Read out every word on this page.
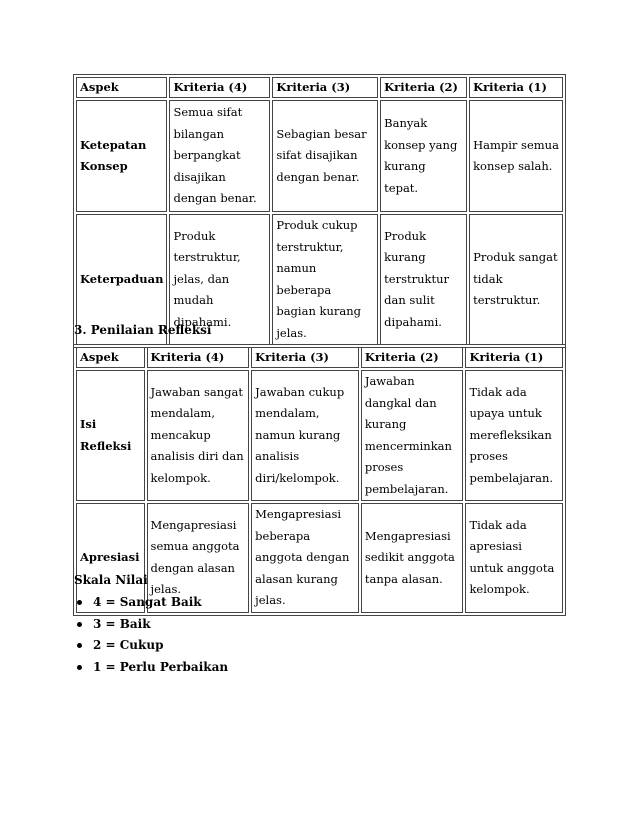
Aspek	Kriteria (4)	Kriteria (3)	Kriteria (2)	Kriteria (1)
Ketepatan Konsep	Semua sifat bilangan berpangkat disajikan dengan benar.	Sebagian besar sifat disajikan dengan benar.	Banyak konsep yang kurang tepat.	Hampir semua konsep salah.
Keterpaduan	Produk terstruktur, jelas, dan mudah dipahami.	Produk cukup terstruktur, namun beberapa bagian kurang jelas.	Produk kurang terstruktur dan sulit dipahami.	Produk sangat tidak terstruktur.
3. Penilaian Refleksi
Aspek	Kriteria (4)	Kriteria (3)	Kriteria (2)	Kriteria (1)
Isi Refleksi	Jawaban sangat mendalam, mencakup analisis diri dan kelompok.	Jawaban cukup mendalam, namun kurang analisis diri/kelompok.	Jawaban dangkal dan kurang mencerminkan proses pembelajaran.	Tidak ada upaya untuk merefleksikan proses pembelajaran.
Apresiasi	Mengapresiasi semua anggota dengan alasan jelas.	Mengapresiasi beberapa anggota dengan alasan kurang jelas.	Mengapresiasi sedikit anggota tanpa alasan.	Tidak ada apresiasi untuk anggota kelompok.
Skala Nilai
4 = Sangat Baik
3 = Baik
2 = Cukup
1 = Perlu Perbaikan
